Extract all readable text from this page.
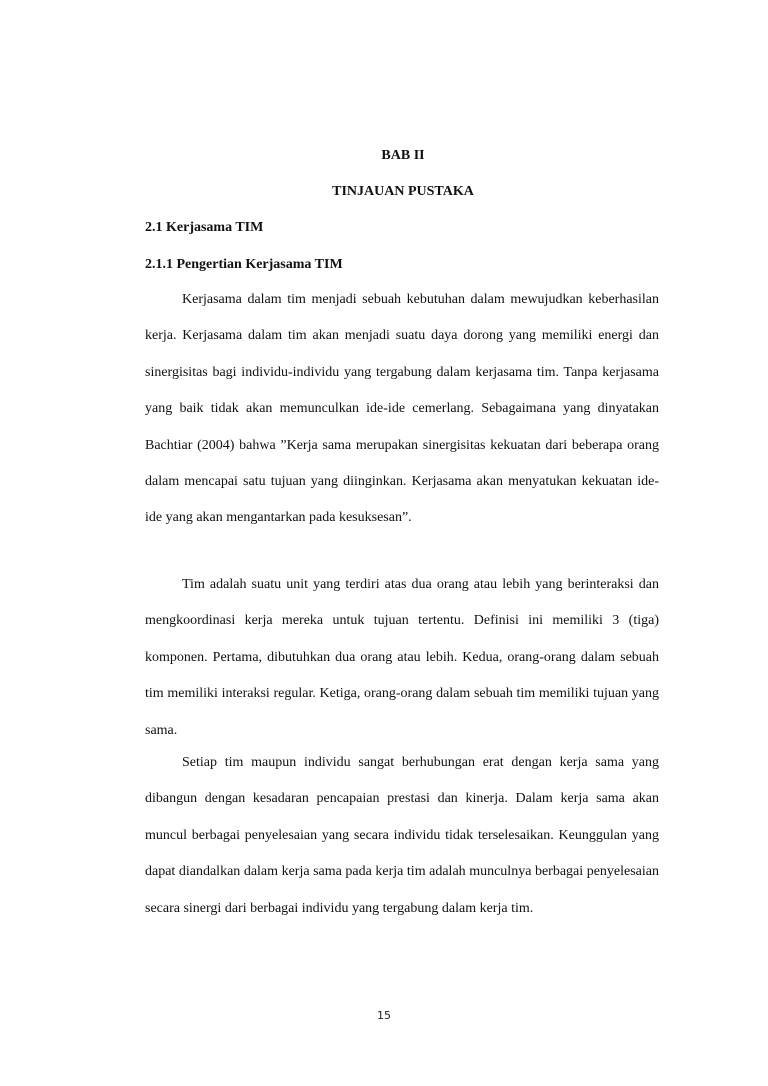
BAB II
TINJAUAN PUSTAKA
2.1 Kerjasama TIM
2.1.1 Pengertian Kerjasama TIM

Kerjasama dalam tim menjadi sebuah kebutuhan dalam mewujudkan keberhasilan kerja. Kerjasama dalam tim akan menjadi suatu daya dorong yang memiliki energi dan sinergisitas bagi individu-individu yang tergabung dalam kerjasama tim. Tanpa kerjasama yang baik tidak akan memunculkan ide-ide cemerlang. Sebagaimana yang dinyatakan Bachtiar (2004) bahwa ”Kerja sama merupakan sinergisitas kekuatan dari beberapa orang dalam mencapai satu tujuan yang diinginkan. Kerjasama akan menyatukan kekuatan ide-ide yang akan mengantarkan pada kesuksesan”.

Tim adalah suatu unit yang terdiri atas dua orang atau lebih yang berinteraksi dan mengkoordinasi kerja mereka untuk tujuan tertentu. Definisi ini memiliki 3 (tiga) komponen. Pertama, dibutuhkan dua orang atau lebih. Kedua, orang-orang dalam sebuah tim memiliki interaksi regular. Ketiga, orang-orang dalam sebuah tim memiliki tujuan yang sama.

Setiap tim maupun individu sangat berhubungan erat dengan kerja sama yang dibangun dengan kesadaran pencapaian prestasi dan kinerja. Dalam kerja sama akan muncul berbagai penyelesaian yang secara individu tidak terselesaikan. Keunggulan yang dapat diandalkan dalam kerja sama pada kerja tim adalah munculnya berbagai penyelesaian secara sinergi dari berbagai individu yang tergabung dalam kerja tim.

15
